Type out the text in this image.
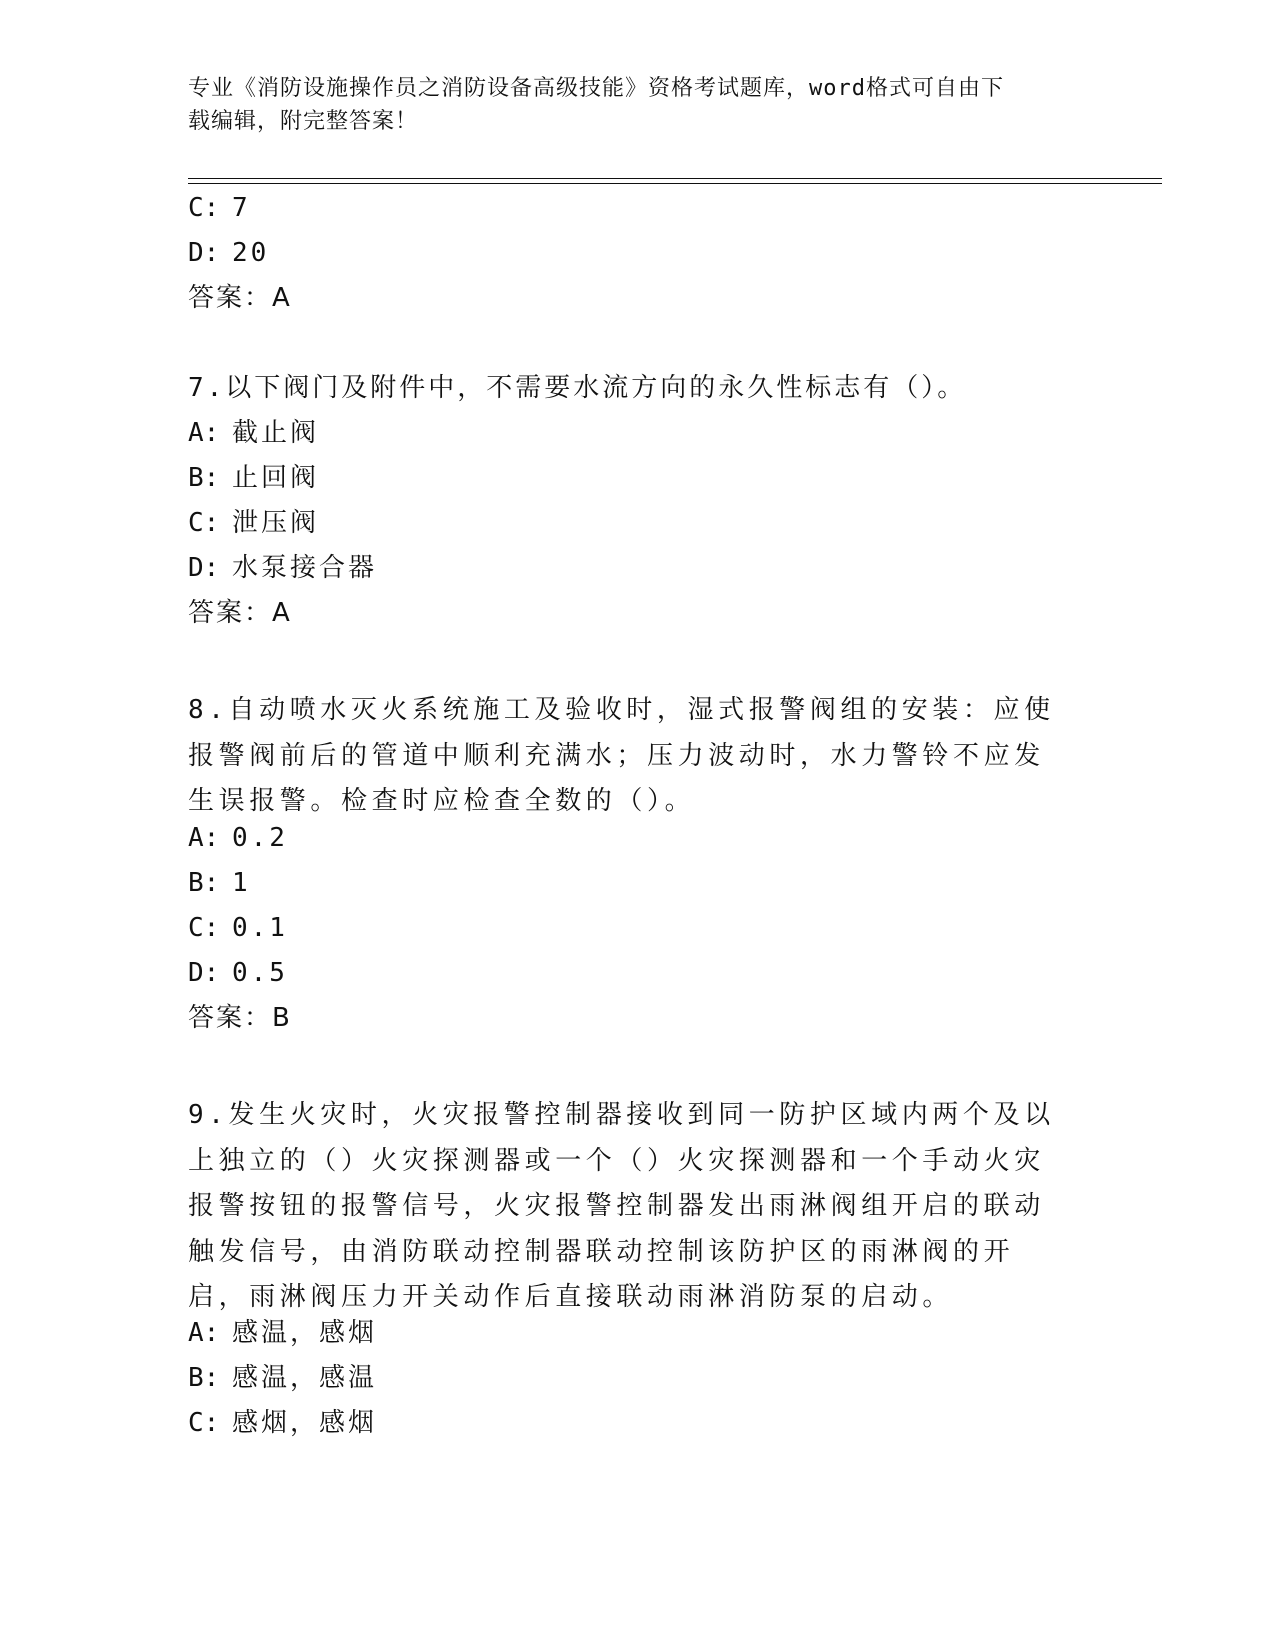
专业《消防设施操作员之消防设备高级技能》资格考试题库，word格式可自由下
载编辑，附完整答案！
C: 7
D: 20
答案：A
7.以下阀门及附件中，不需要水流方向的永久性标志有（）。
A: 截止阀
B: 止回阀
C: 泄压阀
D: 水泵接合器
答案：A
8.自动喷水灭火系统施工及验收时，湿式报警阀组的安装：应使报警阀前后的管道中顺利充满水；压力波动时，水力警铃不应发生误报警。检查时应检查全数的（）。
A: 0.2
B: 1
C: 0.1
D: 0.5
答案：B
9.发生火灾时，火灾报警控制器接收到同一防护区域内两个及以上独立的（）火灾探测器或一个（）火灾探测器和一个手动火灾报警按钮的报警信号，火灾报警控制器发出雨淋阀组开启的联动触发信号，由消防联动控制器联动控制该防护区的雨淋阀的开启，雨淋阀压力开关动作后直接联动雨淋消防泵的启动。
A: 感温，感烟
B: 感温，感温
C: 感烟，感烟
